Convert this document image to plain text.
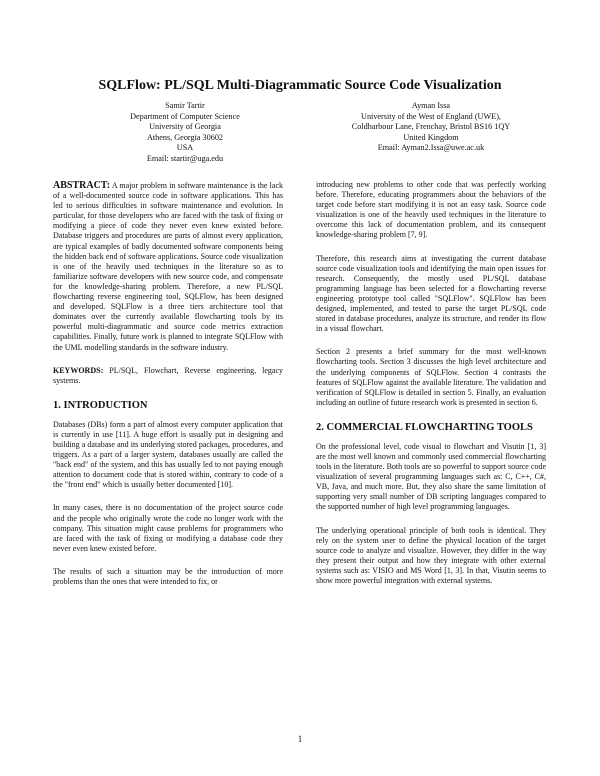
SQLFlow: PL/SQL Multi-Diagrammatic Source Code Visualization
Samir Tartir
Department of Computer Science
University of Georgia
Athens, Georgia 30602
USA
Email: startir@uga.edu
Ayman Issa
University of the West of England (UWE),
Coldharbour Lane, Frenchay, Bristol BS16 1QY
United Kingdom
Email: Ayman2.Issa@uwe.ac.uk

ABSTRACT: A major problem in software maintenance is the lack of a well-documented source code in software applications. This has led to serious difficulties in software maintenance and evolution. In particular, for those developers who are faced with the task of fixing or modifying a piece of code they never even knew existed before. Database triggers and procedures are parts of almost every application, are typical examples of badly documented software components being the hidden back end of software applications. Source code visualization is one of the heavily used techniques in the literature so as to familiarize software developers with new source code, and compensate for the knowledge-sharing problem. Therefore, a new PL/SQL flowcharting reverse engineering tool, SQLFlow, has been designed and developed. SQLFlow is a three tiers architecture tool that dominates over the currently available flowcharting tools by its powerful multi-diagrammatic and source code metrics extraction capabilities. Finally, future work is planned to integrate SQLFlow with the UML modelling standards in the software industry.

KEYWORDS: PL/SQL, Flowchart, Reverse engineering, legacy systems.

1. INTRODUCTION

Databases (DBs) form a part of almost every computer application that is currently in use [11]. A huge effort is usually put in designing and building a database and its underlying stored packages, procedures, and triggers. As a part of a larger system, databases usually are called the "back end" of the system, and this has usually led to not paying enough attention to document code that is stored within, contrary to code of a the "front end" which is usually better documented [10].

In many cases, there is no documentation of the project source code and the people who originally wrote the code no longer work with the company. This situation might cause problems for programmers who are faced with the task of fixing or modifying a database code they never even knew existed before.

The results of such a situation may be the introduction of more problems than the ones that were intended to fix, or

introducing new problems to other code that was perfectly working before. Therefore, educating programmers about the behaviors of the target code before start modifying it is not an easy task. Source code visualization is one of the heavily used techniques in the literature to overcome this lack of documentation problem, and its consequent knowledge-sharing problem [7, 9].

Therefore, this research aims at investigating the current database source code visualization tools and identifying the main open issues for research. Consequently, the mostly used PL/SQL database programming language has been selected for a flowcharting reverse engineering prototype tool called "SQLFlow". SQLFlow has been designed, implemented, and tested to parse the target PL/SQL code stored in database procedures, analyze its structure, and render its flow in a visual flowchart.

Section 2 presents a brief summary for the most well-known flowcharting tools. Section 3 discusses the high level architecture and the underlying components of SQLFlow. Section 4 contrasts the features of SQLFlow against the available literature. The validation and verification of SQLFlow is detailed in section 5. Finally, an evaluation including an outline of future research work is presented in section 6.

2. COMMERCIAL FLOWCHARTING TOOLS

On the professional level, code visual to flowchart and Visutin [1, 3] are the most well known and commonly used commercial flowcharting tools in the literature. Both tools are so powerful to support source code visualization of several programming languages such as: C, C++, C#, VB, Java, and much more. But, they also share the same limitation of supporting very small number of DB scripting languages compared to the supported number of high level programming languages.

The underlying operational principle of both tools is identical. They rely on the system user to define the physical location of the target source code to analyze and visualize. However, they differ in the way they present their output and how they integrate with other external systems such as: VISIO and MS Word [1, 3]. In that, Visutin seems to show more powerful integration with external systems.

1
